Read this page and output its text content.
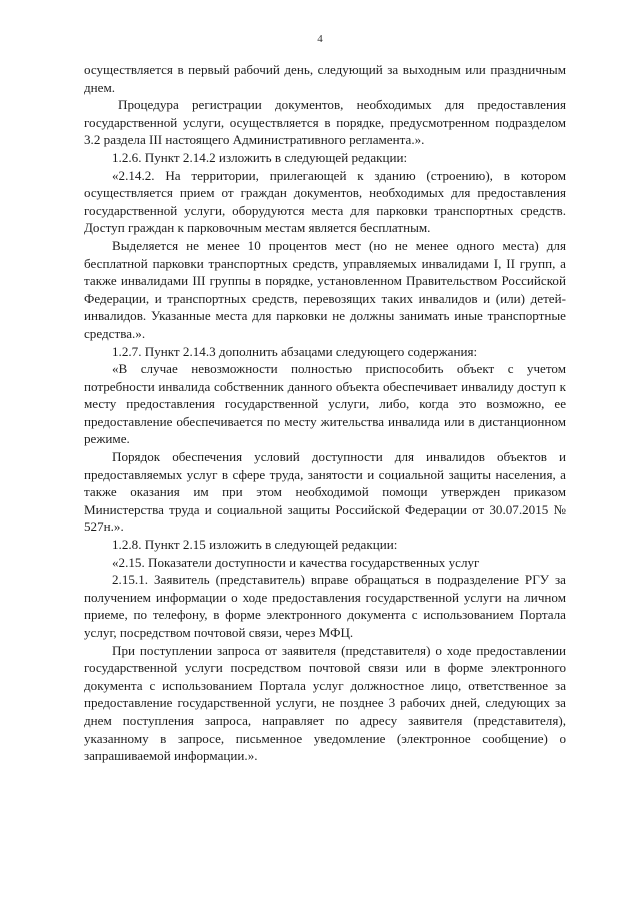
4

осуществляется в первый рабочий день, следующий за выходным или праздничным днем.

Процедура регистрации документов, необходимых для предоставления государственной услуги, осуществляется в порядке, предусмотренном подразделом 3.2 раздела III настоящего Административного регламента.».

1.2.6. Пункт 2.14.2 изложить в следующей редакции:

«2.14.2. На территории, прилегающей к зданию (строению), в котором осуществляется прием от граждан документов, необходимых для предоставления государственной услуги, оборудуются места для парковки транспортных средств. Доступ граждан к парковочным местам является бесплатным.

Выделяется не менее 10 процентов мест (но не менее одного места) для бесплатной парковки транспортных средств, управляемых инвалидами I, II групп, а также инвалидами III группы в порядке, установленном Правительством Российской Федерации, и транспортных средств, перевозящих таких инвалидов и (или) детей-инвалидов. Указанные места для парковки не должны занимать иные транспортные средства.».

1.2.7. Пункт 2.14.3 дополнить абзацами следующего содержания:

«В случае невозможности полностью приспособить объект с учетом потребности инвалида собственник данного объекта обеспечивает инвалиду доступ к месту предоставления государственной услуги, либо, когда это возможно, ее предоставление обеспечивается по месту жительства инвалида или в дистанционном режиме.

Порядок обеспечения условий доступности для инвалидов объектов и предоставляемых услуг в сфере труда, занятости и социальной защиты населения, а также оказания им при этом необходимой помощи утвержден приказом Министерства труда и социальной защиты Российской Федерации от 30.07.2015 № 527н.».

1.2.8. Пункт 2.15 изложить в следующей редакции:

«2.15. Показатели доступности и качества государственных услуг

2.15.1. Заявитель (представитель) вправе обращаться в подразделение РГУ за получением информации о ходе предоставления государственной услуги на личном приеме, по телефону, в форме электронного документа с использованием Портала услуг, посредством почтовой связи, через МФЦ.

При поступлении запроса от заявителя (представителя) о ходе предоставлении государственной услуги посредством почтовой связи или в форме электронного документа с использованием Портала услуг должностное лицо, ответственное за предоставление государственной услуги, не позднее 3 рабочих дней, следующих за днем поступления запроса, направляет по адресу заявителя (представителя), указанному в запросе, письменное уведомление (электронное сообщение) о запрашиваемой информации.».
